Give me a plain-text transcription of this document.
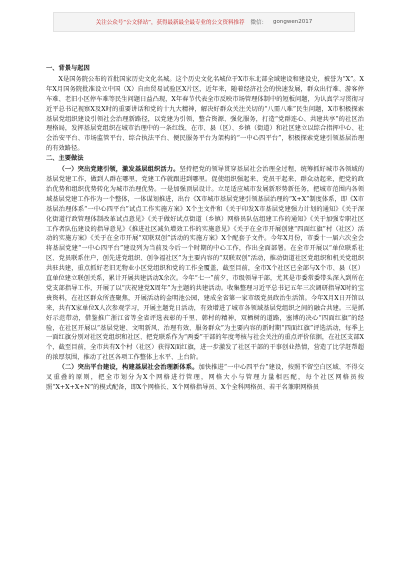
关注公众号“公文驿站”，获得最新最全最专业的公文资料推荐 微信： gongwen2017
一、背景与起因

X是国务院公布的首批国家历史文化名城。这个历史文化名城位于X市东北部全域建设和建设史，被誉为“X”。X年X月国务院批准设立中国（X）自由贸易试验区X片区，近年来，随着经济社会的快速发展，群众出行难、游客停车难、老旧小区停车难等民生问题日益凸现，X年春节代表全市反映市场管理体制中的短板问题，为认真学习贯彻习近平总书记视察X及X时的重要讲话和党的十九大精神，解决好群众关注关切的“八需八难”民生问题，X市积极探索基层党组织建设引领社会治理新路径，以党建为引领，整合资源、强化服务，打造“党群连心、共建共享”的社区治理格局，发挥基层党组织在城市治理中的一条红线、在市、县（区）、乡镇（街道）和社区建立以综合指挥中心、社会治安平台、市场监管平台、综合执法平台、便民服务平台为架构的“一中心四平台”，积极探索党建引领基层治理的有效路径。

二、主要做法

（一）突出党建引领，激发基层组织活力。坚持把党的领导贯穿基层社会治理全过程，统筹抓好城市各领域的基层党建工作，做到人群在哪里，党建工作就跟进到哪里。促使组织强起来、党员干起来、群众动起来，把党的政治优势和组织优势转化为城市治理优势。一是加强顶层设计。立足适应城市发展新形势新任务，把城市范围内各领域基层党建工作作为一个整体，一体谋划推进，出台《X市城市基层党建引领基层治理的“X+X”制度体系，即《X市基层治理体系“一中心四平台”试点工作实施方案》X个主文件和《关于印发X市基层党建强力计划的通知》《关于深化街道行政管理体制改革试点意见》《关于做好试点街道（乡镇）网格员队伍组建工作的通知》《关于加强专职社区工作者队伍建设的指导意见》《推进社区减负增效工作的实施意见》《关于在全市开展创建“四面红旗”村（社区）活动的实施方案》《关于在全市开展“双联双创”活动的实施方案》X个配套子文件。今年X月份，市委十一届六次全会将基层党建“一中心四平台”建设列为当前及今后一个时期的中心工作，作出全面部署。在全市开展以“单位联系社区、党员联系住户，创先进党组织、创争福社区”为主要内容的“双联双创”活动，推动街道社区党组织和机关党组织共驻共建，重点抓好老旧无物业小区党组织和党的工作全覆盖，截至目前，全市X个社区已全部与X个市、县（区）直单位建立联创关系，累计开展共建活动X余次。今年“七一”前夕，市级领导干部，尤其是市委常委带头深入到所在党支部指导工作，开展了以“庆祝建党X周年”为主题的共建活动。收集整理习近平总书记五年三次调研指导X时的宝贵资料，在社区群众所查聚焦，开展活动的金明池公园，建成全省第一家市级党员政治生活馆。今年X月X日开馆以来，共有X家单位X人次参观学习，开展主题党日活动，有效增进了城市各领域基层党组织之间的融合共建。三是抓好示范带动，借鉴推广浙江省等全省评选表彰的千里、韩村的精神，双栖树的道路，塞博的决心“四面红旗”的经验，在社区开展以“基层党建、文明新风、治理有效、服务群众”为主要内容的新时期“四面红旗”评选活动，每季上一面红旗分别对社区党组织和社区、把党联系作为“两委”干部的年度考核与社会关注的重点评价依据，在社区支部X个，截至目前，全市共有X个村（社区）获得X面红旗，进一步激发了社区干部的干事创业热情，营造了比学赶帮超的浓厚氛围，推动了社区各项工作整体上水平、上台阶。

（二）突出平台建设，构建基层社会治理新体系。加快推进“一中心四平台”建设，按照不留空白区域、不得交叉重叠的原则，把全市划分为X个网格进行管理，网格大小与管理力量相匹配，每个社区网格员按照“X+X+X+N”的模式配备，即X个网格长、X个网格指导员、X个全科网格员、若干名兼职网格员
